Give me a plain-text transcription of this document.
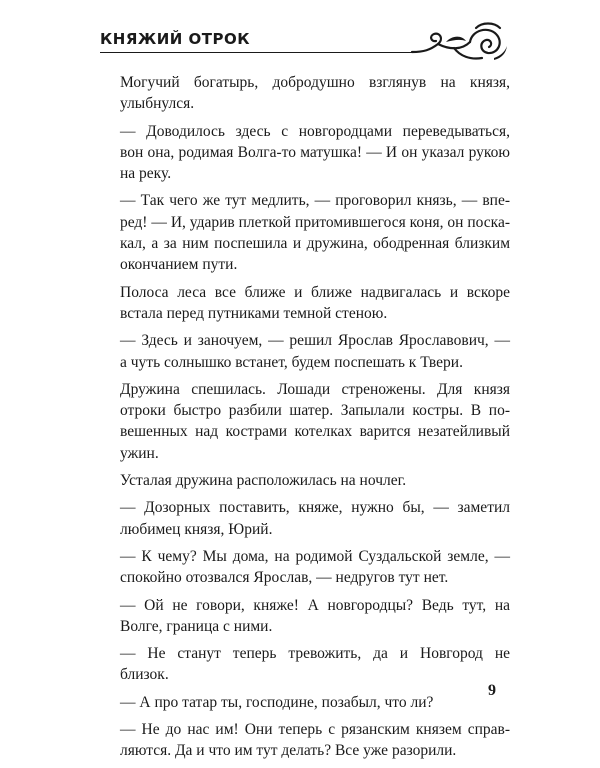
КНЯЖИЙ ОТРОК

Могучий богатырь, добродушно взглянув на князя,
улыбнулся.

— Доводилось здесь с новгородцами переведываться,
вон она, родимая Волга-то матушка! — И он указал рукою
на реку.

— Так чего же тут медлить, — проговорил князь, — впе-
ред! — И, ударив плеткой притомившегося коня, он поска-
кал, а за ним поспешила и дружина, ободренная близким
окончанием пути.

Полоса леса все ближе и ближе надвигалась и вскоре
встала перед путниками темной стеною.

— Здесь и заночуем, — решил Ярослав Ярославович, —
а чуть солнышко встанет, будем поспешать к Твери.

Дружина спешилась. Лошади стреножены. Для князя
отроки быстро разбили шатер. Запылали костры. В по-
вешенных над кострами котелках варится незатейливый
ужин.

Усталая дружина расположилась на ночлег.

— Дозорных поставить, княже, нужно бы, — заметил
любимец князя, Юрий.

— К чему? Мы дома, на родимой Суздальской земле, —
спокойно отозвался Ярослав, — недругов тут нет.

— Ой не говори, княже! А новгородцы? Ведь тут, на
Волге, граница с ними.

— Не станут теперь тревожить, да и Новгород не
близок.

— А про татар ты, господине, позабыл, что ли?

— Не до нас им! Они теперь с рязанским князем справ-
ляются. Да и что им тут делать? Все уже разорили.

9
